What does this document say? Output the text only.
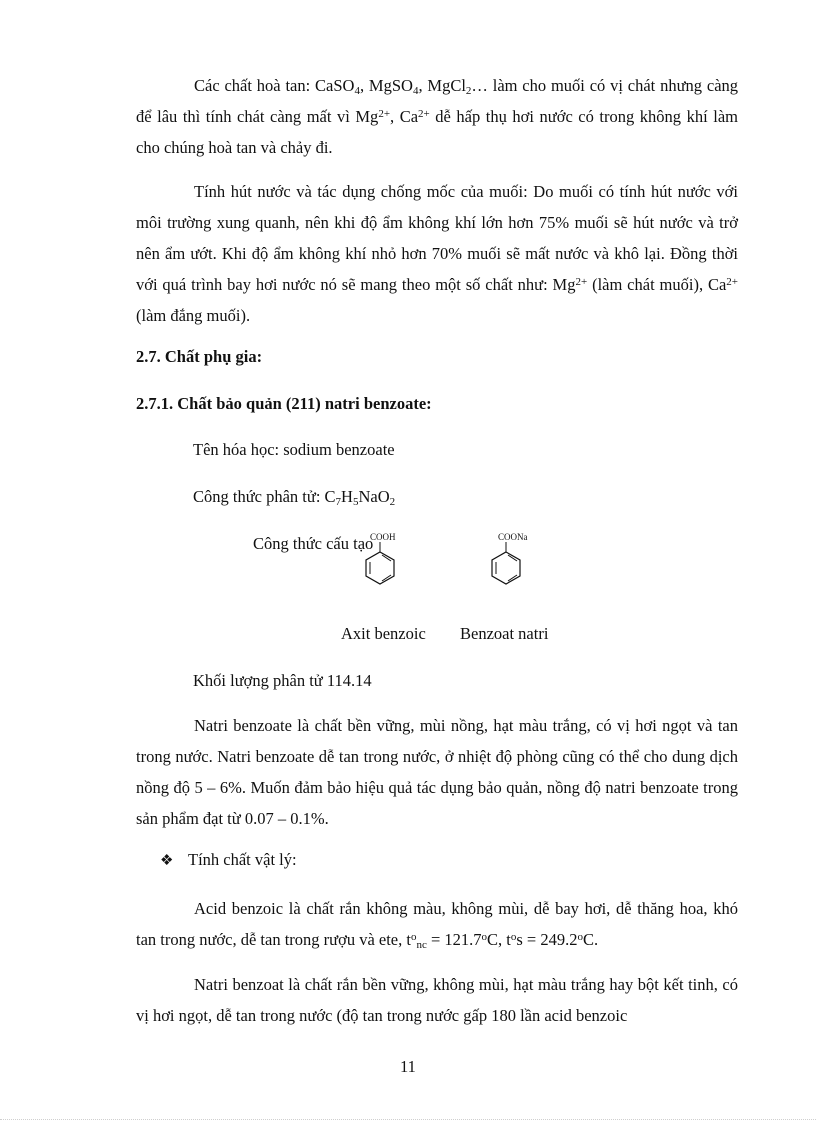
Các chất hoà tan: CaSO$_4$, MgSO$_4$, MgCl$_2$… làm cho muối có vị chát nhưng càng để lâu thì tính chát càng mất vì $Mg^{2+}$, $Ca^{2+}$ dễ hấp thụ hơi nước có trong không khí làm cho chúng hoà tan và chảy đi.

Tính hút nước và tác dụng chống mốc của muối: Do muối có tính hút nước với môi trường xung quanh, nên khi độ ẩm không khí lớn hơn 75% muối sẽ hút nước và trở nên ẩm ướt. Khi độ ẩm không khí nhỏ hơn 70% muối sẽ mất nước và khô lại. Đồng thời với quá trình bay hơi nước nó sẽ mang theo một số chất như: $Mg^{2+}$ (làm chát muối), $Ca^{2+}$ (làm đắng muối).

2.7. Chất phụ gia:

2.7.1. Chất bảo quản (211) natri benzoate:

Tên hóa học: sodium benzoate

Công thức phân tử: $C_7H_5NaO_2$

Công thức cấu tạo

COOH	COONa

Axit benzoic Benzoat natri

Khối lượng phân tử 114.14

Natri benzoate là chất bền vững, mùi nồng, hạt màu trắng, có vị hơi ngọt và tan trong nước. Natri benzoate dễ tan trong nước, ở nhiệt độ phòng cũng có thể cho dung dịch nồng độ 5 – 6%. Muốn đảm bảo hiệu quả tác dụng bảo quản, nồng độ natri benzoate trong sản phẩm đạt từ 0.07 – 0.1%.

❖ Tính chất vật lý:

Acid benzoic là chất rắn không màu, không mùi, dễ bay hơi, dễ thăng hoa, khó tan trong nước, dễ tan trong rượu và ete, $t^o_{nc} = 121.7^oC$, $t^os = 249.2^oC$.

Natri benzoat là chất rắn bền vững, không mùi, hạt màu trắng hay bột kết tinh, có vị hơi ngọt, dễ tan trong nước (độ tan trong nước gấp 180 lần acid benzoic

11
